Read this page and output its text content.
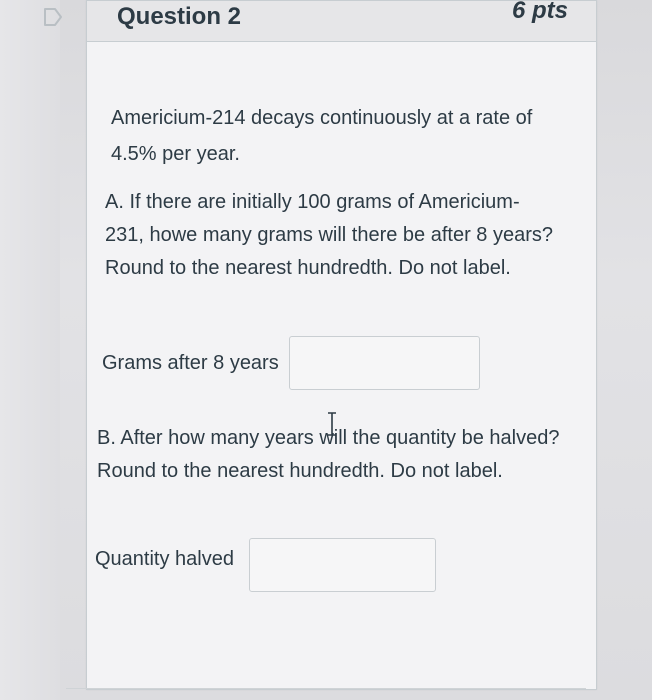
Question 2	6 pts

Americium-214 decays continuously at a rate of 4.5% per year.

A. If there are initially 100 grams of Americium-231, howe many grams will there be after 8 years? Round to the nearest hundredth. Do not label.

Grams after 8 years

B. After how many years will the quantity be halved? Round to the nearest hundredth. Do not label.

Quantity halved
